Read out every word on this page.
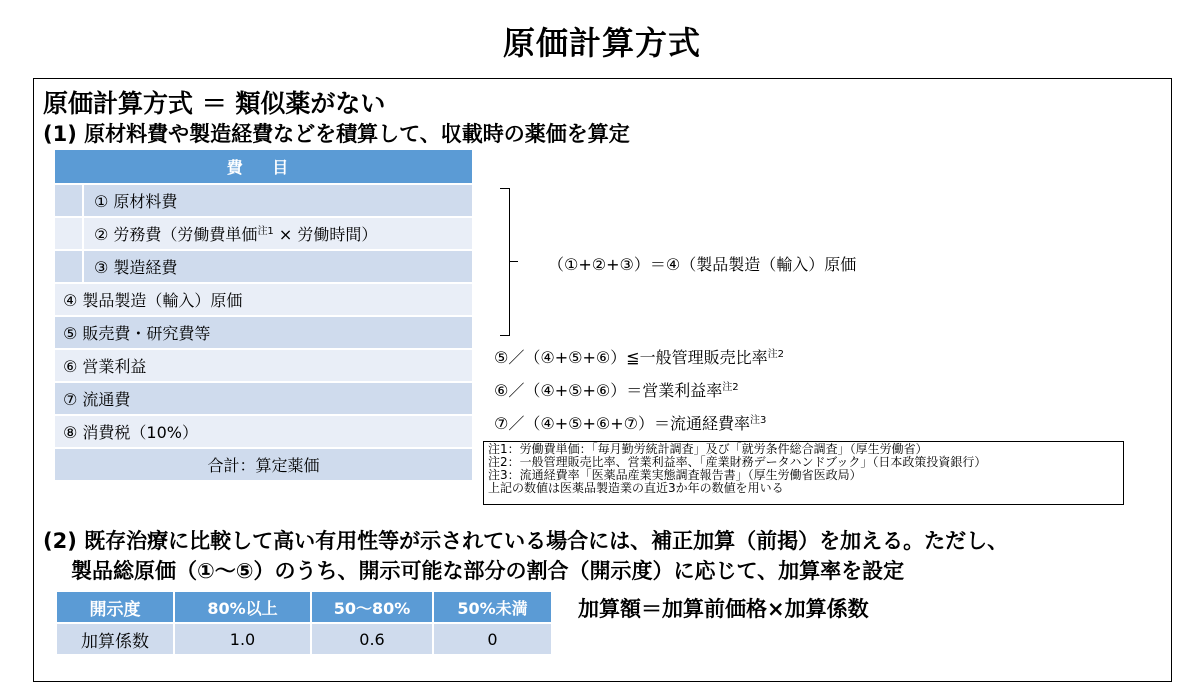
原価計算方式
原価計算方式 ＝ 類似薬がない
(1) 原材料費や製造経費などを積算して、収載時の薬価を算定
費 目
① 原材料費
② 労務費（労働費単価$^{注1}$ × 労働時間）
③ 製造経費
④ 製品製造（輸入）原価
⑤ 販売費・研究費等
⑥ 営業利益
⑦ 流通費
⑧ 消費税（10%）
合計：算定薬価
（①+②+③）＝④（製品製造（輸入）原価
⑤／（④+⑤+⑥）≦一般管理販売比率$^{注2}$
⑥／（④+⑤+⑥）＝営業利益率$^{注2}$
⑦／（④+⑤+⑥+⑦）＝流通経費率$^{注3}$
注1：労働費単価：「毎月勤労統計調査」及び「就労条件総合調査」（厚生労働省）
注2：一般管理販売比率、営業利益率、「産業財務データハンドブック」（日本政策投資銀行）
注3：流通経費率「医薬品産業実態調査報告書」（厚生労働省医政局）
上記の数値は医薬品製造業の直近3か年の数値を用いる
(2) 既存治療に比較して高い有用性等が示されている場合には、補正加算（前掲）を加える。ただし、
製品総原価（①～⑤）のうち、開示可能な部分の割合（開示度）に応じて、加算率を設定
開示度	80%以上	50～80%	50%未満
加算係数	1.0	0.6	0
加算額＝加算前価格×加算係数
